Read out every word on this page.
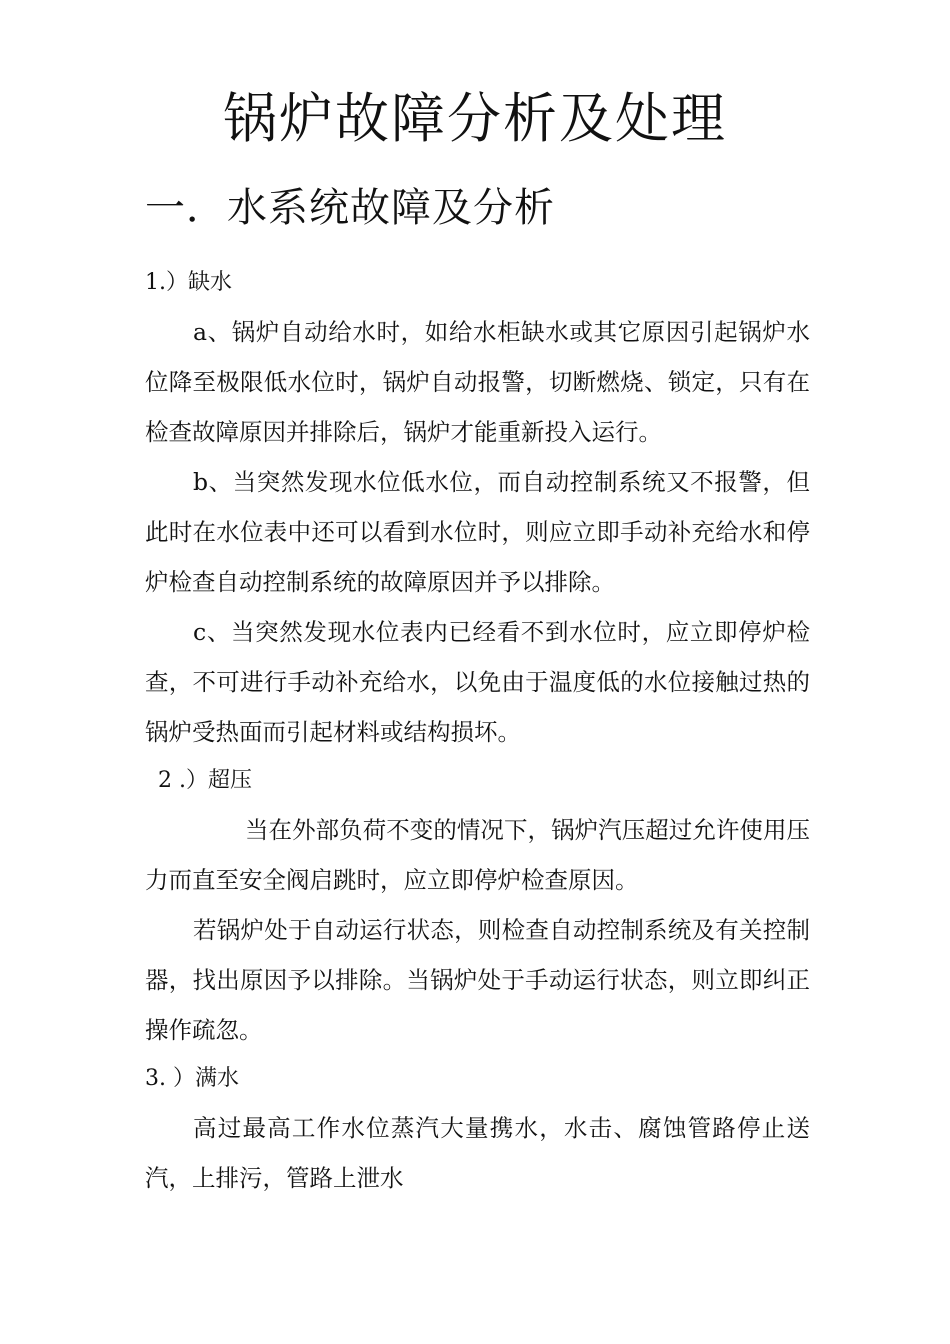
锅炉故障分析及处理
一．水系统故障及分析
1.）缺水

a、锅炉自动给水时，如给水柜缺水或其它原因引起锅炉水位降至极限低水位时，锅炉自动报警，切断燃烧、锁定，只有在检查故障原因并排除后，锅炉才能重新投入运行。

b、当突然发现水位低水位，而自动控制系统又不报警，但此时在水位表中还可以看到水位时，则应立即手动补充给水和停炉检查自动控制系统的故障原因并予以排除。

c、当突然发现水位表内已经看不到水位时，应立即停炉检查，不可进行手动补充给水，以免由于温度低的水位接触过热的锅炉受热面而引起材料或结构损坏。

2 .）超压

当在外部负荷不变的情况下，锅炉汽压超过允许使用压力而直至安全阀启跳时，应立即停炉检查原因。

若锅炉处于自动运行状态，则检查自动控制系统及有关控制器，找出原因予以排除。当锅炉处于手动运行状态，则立即纠正操作疏忽。

3. ）满水

高过最高工作水位蒸汽大量携水，水击、腐蚀管路停止送汽，上排污，管路上泄水
